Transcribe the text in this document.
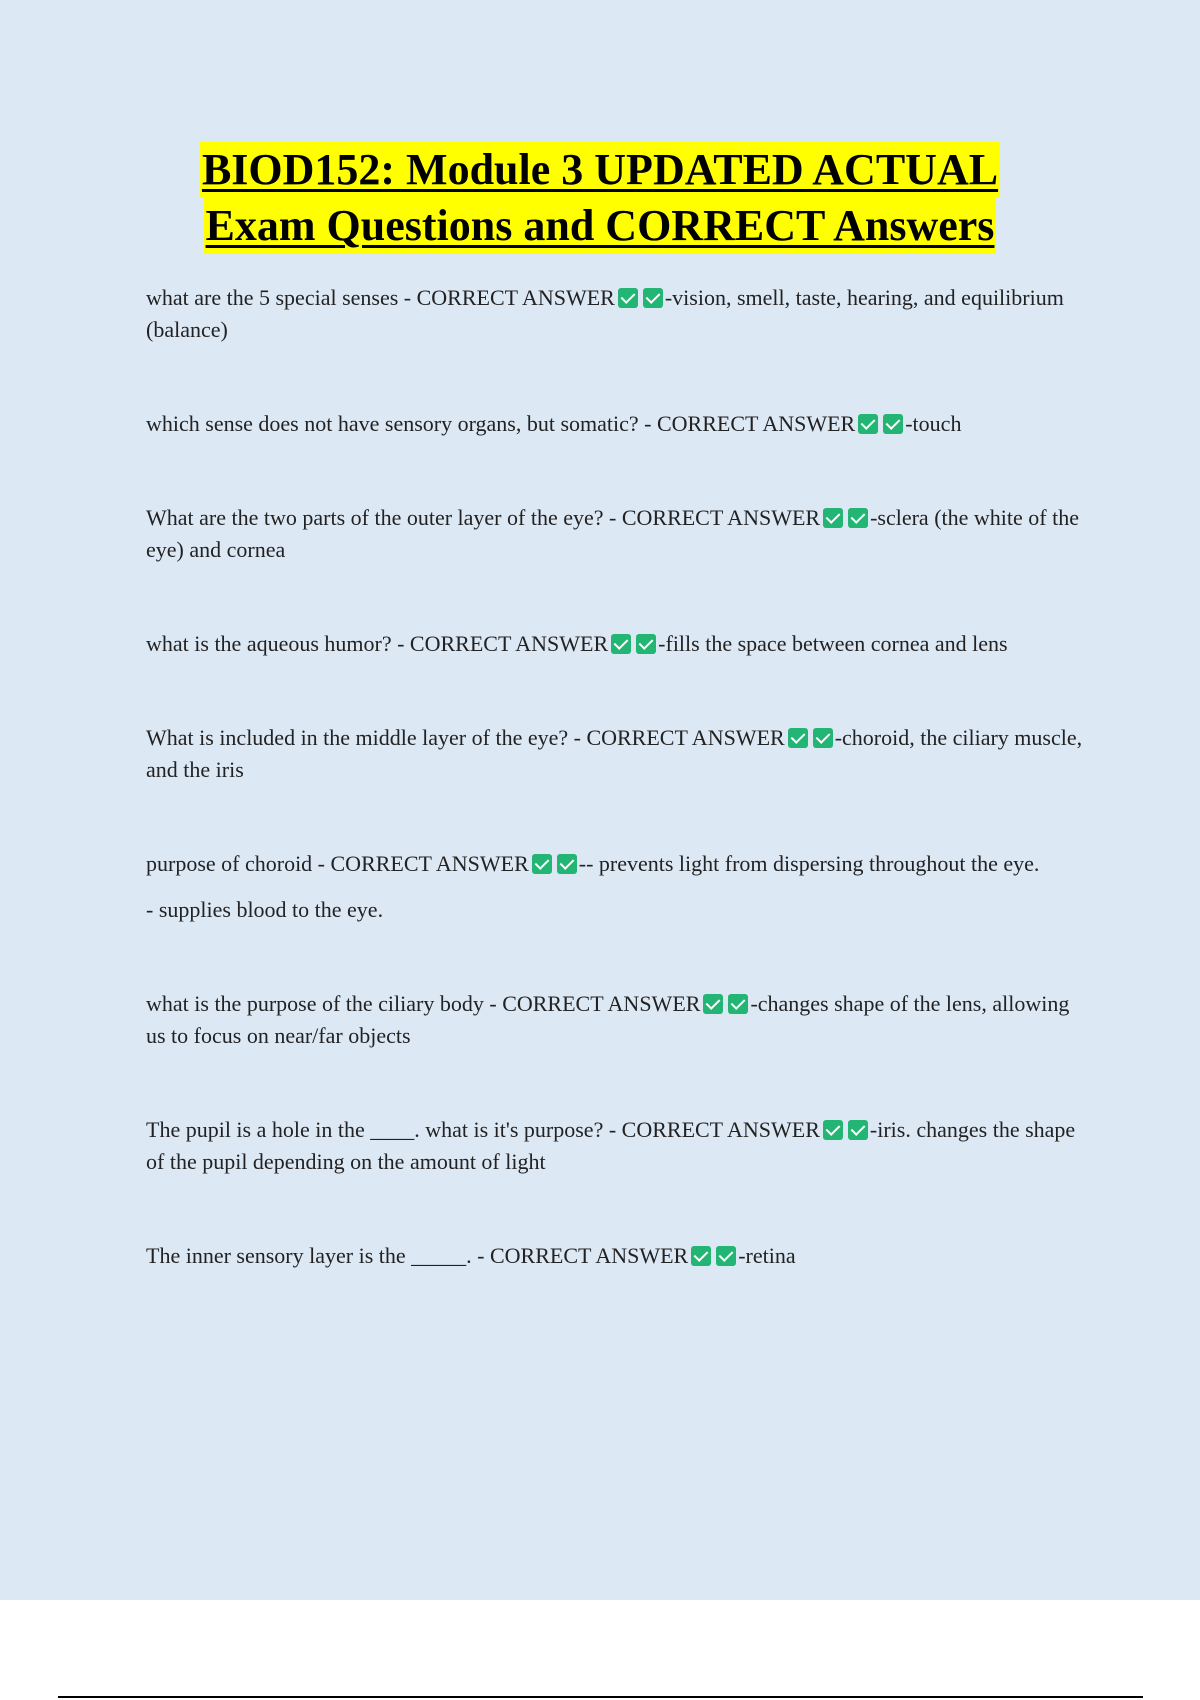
BIOD152: Module 3 UPDATED ACTUAL
Exam Questions and CORRECT Answers

what are the 5 special senses - CORRECT ANSWER -vision, smell, taste, hearing, and equilibrium (balance)

which sense does not have sensory organs, but somatic? - CORRECT ANSWER -touch

What are the two parts of the outer layer of the eye? - CORRECT ANSWER -sclera (the white of the eye) and cornea

what is the aqueous humor? - CORRECT ANSWER -fills the space between cornea and lens

What is included in the middle layer of the eye? - CORRECT ANSWER -choroid, the ciliary muscle, and the iris

purpose of choroid - CORRECT ANSWER -- prevents light from dispersing throughout the eye.
- supplies blood to the eye.

what is the purpose of the ciliary body - CORRECT ANSWER -changes shape of the lens, allowing us to focus on near/far objects

The pupil is a hole in the ____. what is it's purpose? - CORRECT ANSWER -iris. changes the shape of the pupil depending on the amount of light

The inner sensory layer is the _____. - CORRECT ANSWER -retina
